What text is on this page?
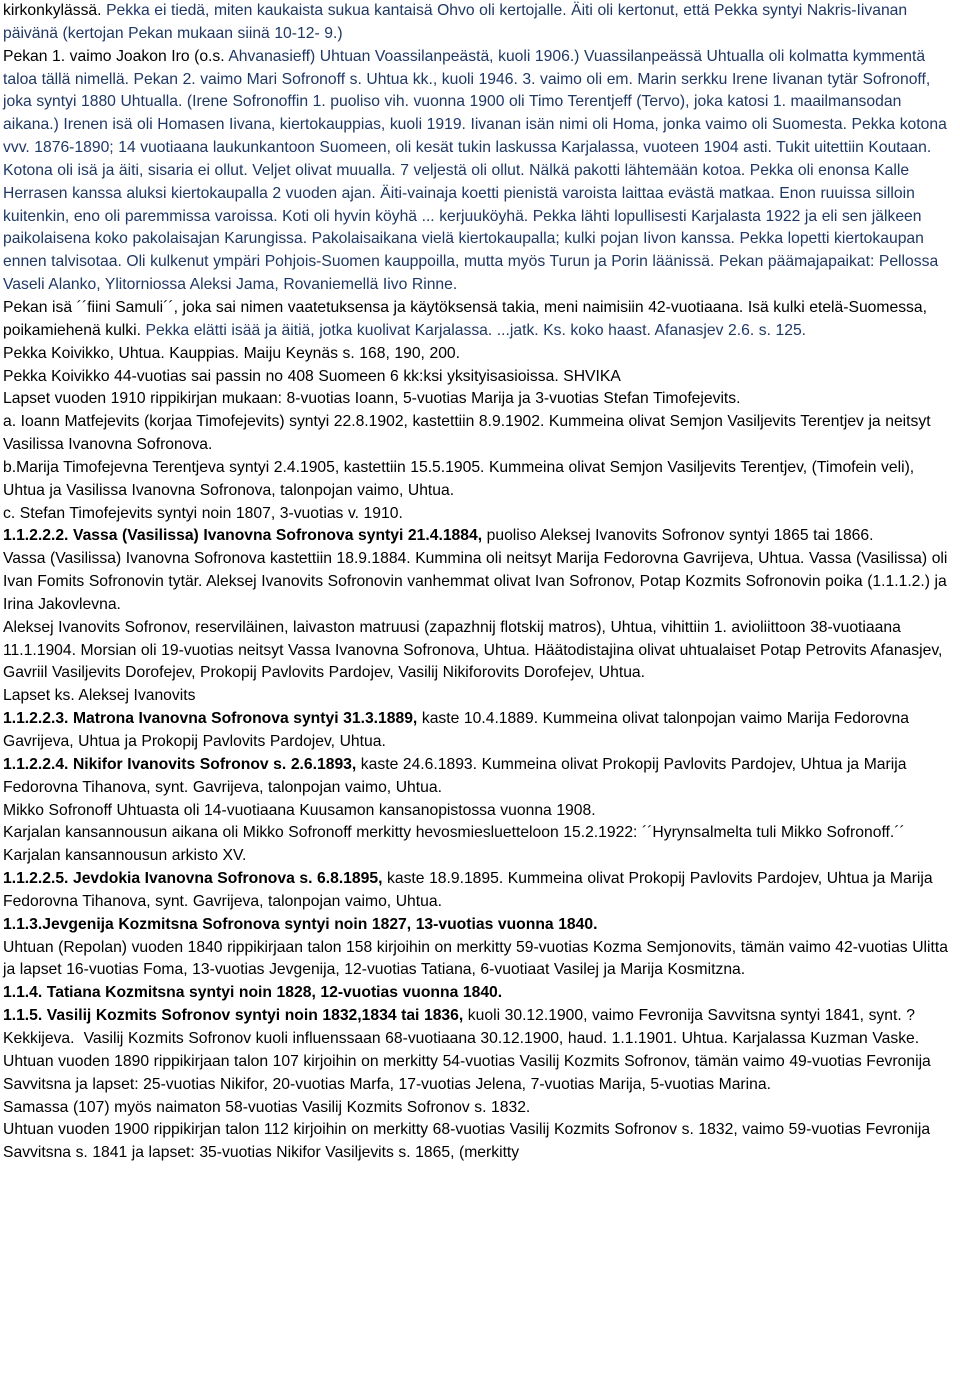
kirkonkylässä. Pekka ei tiedä, miten kaukaista sukua kantaisä Ohvo oli kertojalle. Äiti oli kertonut, että Pekka syntyi Nakris-Iivanan päivänä (kertojan Pekan mukaan siinä 10-12- 9.)

Pekan 1. vaimo Joakon Iro (o.s. Ahvanasieff) Uhtuan Voassilanpeästä, kuoli 1906.) Vuassilanpeässä Uhtualla oli kolmatta kymmentä taloa tällä nimellä. Pekan 2. vaimo Mari Sofronoff s. Uhtua kk., kuoli 1946. 3. vaimo oli em. Marin serkku Irene Iivanan tytär Sofronoff, joka syntyi 1880 Uhtualla. (Irene Sofronoffin 1. puoliso vih. vuonna 1900 oli Timo Terentjeff (Tervo), joka katosi 1. maailmansodan aikana.) Irenen isä oli Homasen Iivana, kiertokauppias, kuoli 1919. Iivanan isän nimi oli Homa, jonka vaimo oli Suomesta. Pekka kotona vvv. 1876-1890; 14 vuotiaana laukunkantoon Suomeen, oli kesät tukin laskussa Karjalassa, vuoteen 1904 asti. Tukit uitettiin Koutaan. Kotona oli isä ja äiti, sisaria ei ollut. Veljet olivat muualla. 7 veljestä oli ollut. Nälkä pakotti lähtemään kotoa. Pekka oli enonsa Kalle Herrasen kanssa aluksi kiertokaupalla 2 vuoden ajan. Äiti-vainaja koetti pienistä varoista laittaa evästä matkaa. Enon ruuissa silloin kuitenkin, eno oli paremmissa varoissa. Koti oli hyvin köyhä ... kerjuuköyhä. Pekka lähti lopullisesti Karjalasta 1922 ja eli sen jälkeen paikolaisena koko pakolaisajan Karungissa. Pakolaisaikana vielä kiertokaupalla; kulki pojan Iivon kanssa. Pekka lopetti kiertokaupan ennen talvisotaa. Oli kulkenut ympäri Pohjois-Suomen kauppoilla, mutta myös Turun ja Porin läänissä. Pekan päämajapaikat: Pellossa Vaseli Alanko, Ylitorniossa Aleksi Jama, Rovaniemellä Iivo Rinne.

Pekan isä ´´fiini Samuli´´, joka sai nimen vaatetuksensa ja käytöksensä takia, meni naimisiin 42-vuotiaana. Isä kulki etelä-Suomessa, poikamiehenä kulki. Pekka elätti isää ja äitiä, jotka kuolivat Karjalassa. ...jatk. Ks. koko haast. Afanasjev 2.6. s. 125.

Pekka Koivikko, Uhtua. Kauppias. Maiju Keynäs s. 168, 190, 200.

Pekka Koivikko 44-vuotias sai passin no 408 Suomeen 6 kk:ksi yksityisasioissa. SHVIKA

Lapset vuoden 1910 rippikirjan mukaan: 8-vuotias Ioann, 5-vuotias Marija ja 3-vuotias Stefan Timofejevits.

a. Ioann Matfejevits (korjaa Timofejevits) syntyi 22.8.1902, kastettiin 8.9.1902. Kummeina olivat Semjon Vasiljevits Terentjev ja neitsyt Vasilissa Ivanovna Sofronova.

b.Marija Timofejevna Terentjeva syntyi 2.4.1905, kastettiin 15.5.1905. Kummeina olivat Semjon Vasiljevits Terentjev, (Timofein veli), Uhtua ja Vasilissa Ivanovna Sofronova, talonpojan vaimo, Uhtua.

c. Stefan Timofejevits syntyi noin 1807, 3-vuotias v. 1910.

1.1.2.2.2. Vassa (Vasilissa) Ivanovna Sofronova syntyi 21.4.1884, puoliso Aleksej Ivanovits Sofronov syntyi 1865 tai 1866.

Vassa (Vasilissa) Ivanovna Sofronova kastettiin 18.9.1884. Kummina oli neitsyt Marija Fedorovna Gavrijeva, Uhtua. Vassa (Vasilissa) oli Ivan Fomits Sofronovin tytär. Aleksej Ivanovits Sofronovin vanhemmat olivat Ivan Sofronov, Potap Kozmits Sofronovin poika (1.1.1.2.) ja Irina Jakovlevna.

Aleksej Ivanovits Sofronov, reserviläinen, laivaston matruusi (zapazhnij flotskij matros), Uhtua, vihittiin 1. avioliittoon 38-vuotiaana 11.1.1904. Morsian oli 19-vuotias neitsyt Vassa Ivanovna Sofronova, Uhtua. Häätodistajina olivat uhtualaiset Potap Petrovits Afanasjev, Gavriil Vasiljevits Dorofejev, Prokopij Pavlovits Pardojev, Vasilij Nikiforovits Dorofejev, Uhtua.

Lapset ks. Aleksej Ivanovits

1.1.2.2.3. Matrona Ivanovna Sofronova syntyi 31.3.1889, kaste 10.4.1889. Kummeina olivat talonpojan vaimo Marija Fedorovna Gavrijeva, Uhtua ja Prokopij Pavlovits Pardojev, Uhtua.

1.1.2.2.4. Nikifor Ivanovits Sofronov s. 2.6.1893, kaste 24.6.1893. Kummeina olivat Prokopij Pavlovits Pardojev, Uhtua ja Marija Fedorovna Tihanova, synt. Gavrijeva, talonpojan vaimo, Uhtua.

Mikko Sofronoff Uhtuasta oli 14-vuotiaana Kuusamon kansanopistossa vuonna 1908.

Karjalan kansannousun aikana oli Mikko Sofronoff merkitty hevosmiesluetteloon 15.2.1922: ´´Hyrynsalmelta tuli Mikko Sofronoff.´´ Karjalan kansannousun arkisto XV.

1.1.2.2.5. Jevdokia Ivanovna Sofronova s. 6.8.1895, kaste 18.9.1895. Kummeina olivat Prokopij Pavlovits Pardojev, Uhtua ja Marija Fedorovna Tihanova, synt. Gavrijeva, talonpojan vaimo, Uhtua.

1.1.3.Jevgenija Kozmitsna Sofronova syntyi noin 1827, 13-vuotias vuonna 1840.

Uhtuan (Repolan) vuoden 1840 rippikirjaan talon 158 kirjoihin on merkitty 59-vuotias Kozma Semjonovits, tämän vaimo 42-vuotias Ulitta ja lapset 16-vuotias Foma, 13-vuotias Jevgenija, 12-vuotias Tatiana, 6-vuotiaat Vasilej ja Marija Kosmitzna.

1.1.4. Tatiana Kozmitsna syntyi noin 1828, 12-vuotias vuonna 1840.

1.1.5. Vasilij Kozmits Sofronov syntyi noin 1832,1834 tai 1836, kuoli 30.12.1900, vaimo Fevronija Savvitsna syntyi 1841, synt. ?Kekkijeva.  Vasilij Kozmits Sofronov kuoli influenssaan 68-vuotiaana 30.12.1900, haud. 1.1.1901. Uhtua. Karjalassa Kuzman Vaske.

Uhtuan vuoden 1890 rippikirjaan talon 107 kirjoihin on merkitty 54-vuotias Vasilij Kozmits Sofronov, tämän vaimo 49-vuotias Fevronija Savvitsna ja lapset: 25-vuotias Nikifor, 20-vuotias Marfa, 17-vuotias Jelena, 7-vuotias Marija, 5-vuotias Marina.

Samassa (107) myös naimaton 58-vuotias Vasilij Kozmits Sofronov s. 1832.

Uhtuan vuoden 1900 rippikirjan talon 112 kirjoihin on merkitty 68-vuotias Vasilij Kozmits Sofronov s. 1832, vaimo 59-vuotias Fevronija Savvitsna s. 1841 ja lapset: 35-vuotias Nikifor Vasiljevits s. 1865, (merkitty
